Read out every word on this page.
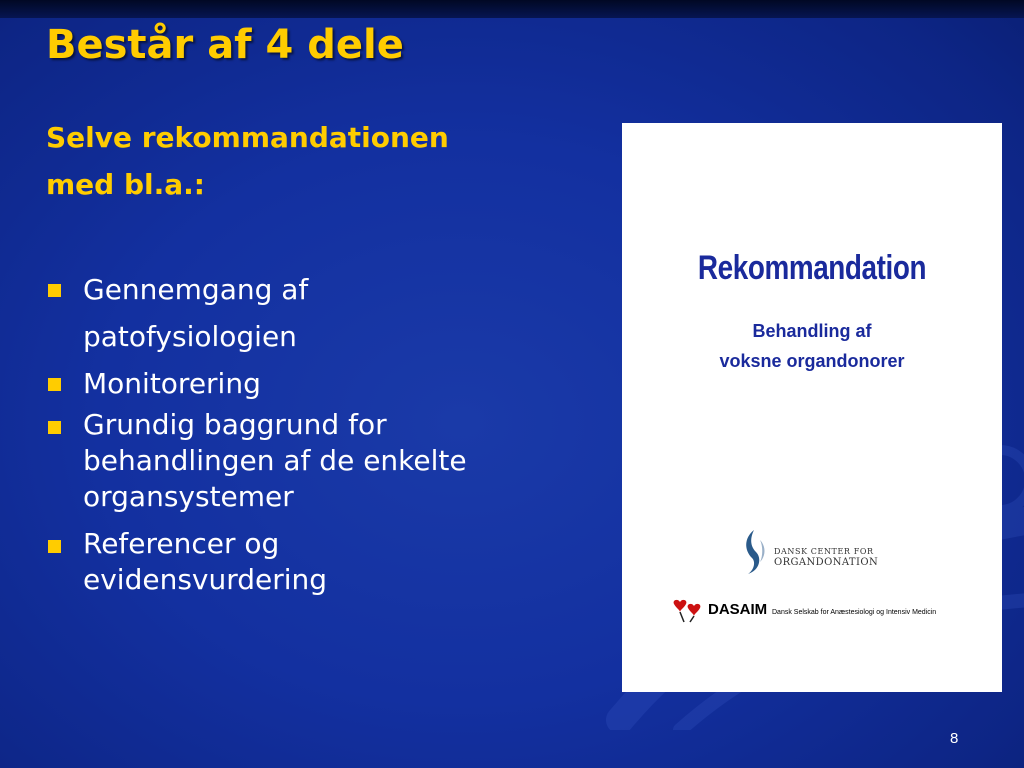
Består af 4 dele
Selve rekommandationen
med bl.a.:
Gennemgang af
patofysiologien
Monitorering
Grundig baggrund for
behandlingen af de enkelte
organsystemer
Referencer og
evidensvurdering
Rekommandation
Behandling af
voksne organdonorer
DANSK CENTER FOR
ORGANDONATION
DASAIM Dansk Selskab for Anæstesiologi og Intensiv Medicin
8
